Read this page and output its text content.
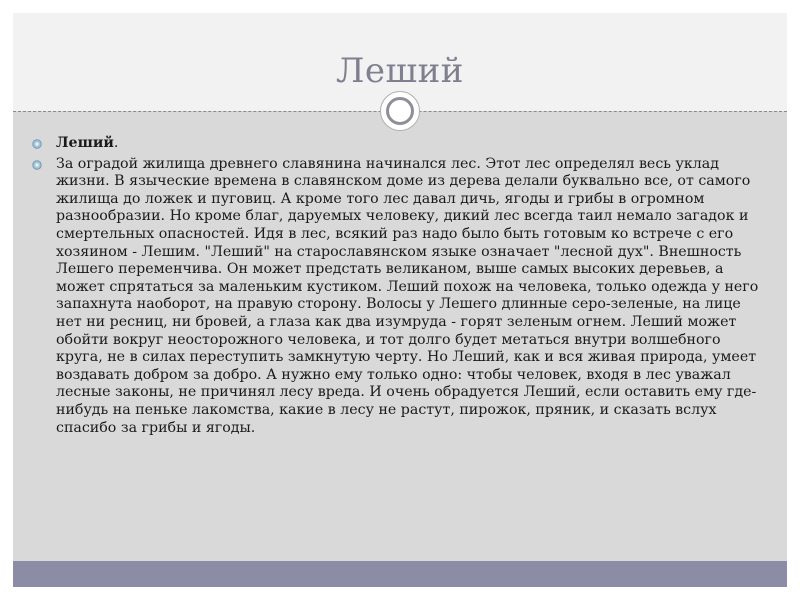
Леший
Леший.
За оградой жилища древнего славянина начинался лес. Этот лес определял весь уклад жизни. В языческие времена в славянском доме из дерева делали буквально все, от самого жилища до ложек и пуговиц. А кроме того лес давал дичь, ягоды и грибы в огромном разнообразии. Но кроме благ, даруемых человеку, дикий лес всегда таил немало загадок и смертельных опасностей. Идя в лес, всякий раз надо было быть готовым ко встрече с его хозяином - Лешим. "Леший" на старославянском языке означает "лесной дух". Внешность Лешего переменчива. Он может предстать великаном, выше самых высоких деревьев, а может спрятаться за маленьким кустиком. Леший похож на человека, только одежда у него запахнута наоборот, на правую сторону. Волосы у Лешего длинные серо-зеленые, на лице нет ни ресниц, ни бровей, а глаза как два изумруда - горят зеленым огнем. Леший может обойти вокруг неосторожного человека, и тот долго будет метаться внутри волшебного круга, не в силах переступить замкнутую черту. Но Леший, как и вся живая природа, умеет воздавать добром за добро. А нужно ему только одно: чтобы человек, входя в лес уважал лесные законы, не причинял лесу вреда. И очень обрадуется Леший, если оставить ему где-нибудь на пеньке лакомства, какие в лесу не растут, пирожок, пряник, и сказать вслух спасибо за грибы и ягоды.
